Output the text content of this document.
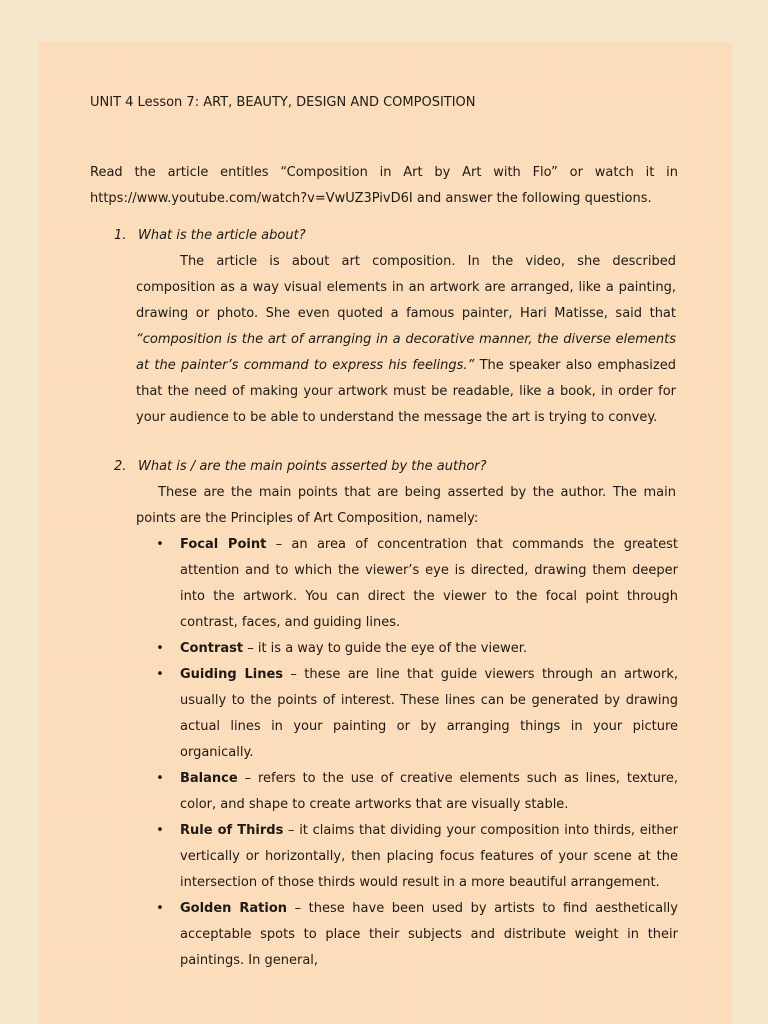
UNIT 4 Lesson 7: ART, BEAUTY, DESIGN AND COMPOSITION
Read the article entitles “Composition in Art by Art with Flo” or watch it in https://www.youtube.com/watch?v=VwUZ3PivD6I and answer the following questions.
1. What is the article about?
The article is about art composition. In the video, she described composition as a way visual elements in an artwork are arranged, like a painting, drawing or photo. She even quoted a famous painter, Hari Matisse, said that “composition is the art of arranging in a decorative manner, the diverse elements at the painter’s command to express his feelings.” The speaker also emphasized that the need of making your artwork must be readable, like a book, in order for your audience to be able to understand the message the art is trying to convey.
2. What is / are the main points asserted by the author?
These are the main points that are being asserted by the author. The main points are the Principles of Art Composition, namely:
• Focal Point – an area of concentration that commands the greatest attention and to which the viewer’s eye is directed, drawing them deeper into the artwork. You can direct the viewer to the focal point through contrast, faces, and guiding lines.
• Contrast – it is a way to guide the eye of the viewer.
• Guiding Lines – these are line that guide viewers through an artwork, usually to the points of interest. These lines can be generated by drawing actual lines in your painting or by arranging things in your picture organically.
• Balance – refers to the use of creative elements such as lines, texture, color, and shape to create artworks that are visually stable.
• Rule of Thirds – it claims that dividing your composition into thirds, either vertically or horizontally, then placing focus features of your scene at the intersection of those thirds would result in a more beautiful arrangement.
• Golden Ration – these have been used by artists to find aesthetically acceptable spots to place their subjects and distribute weight in their paintings. In general,
